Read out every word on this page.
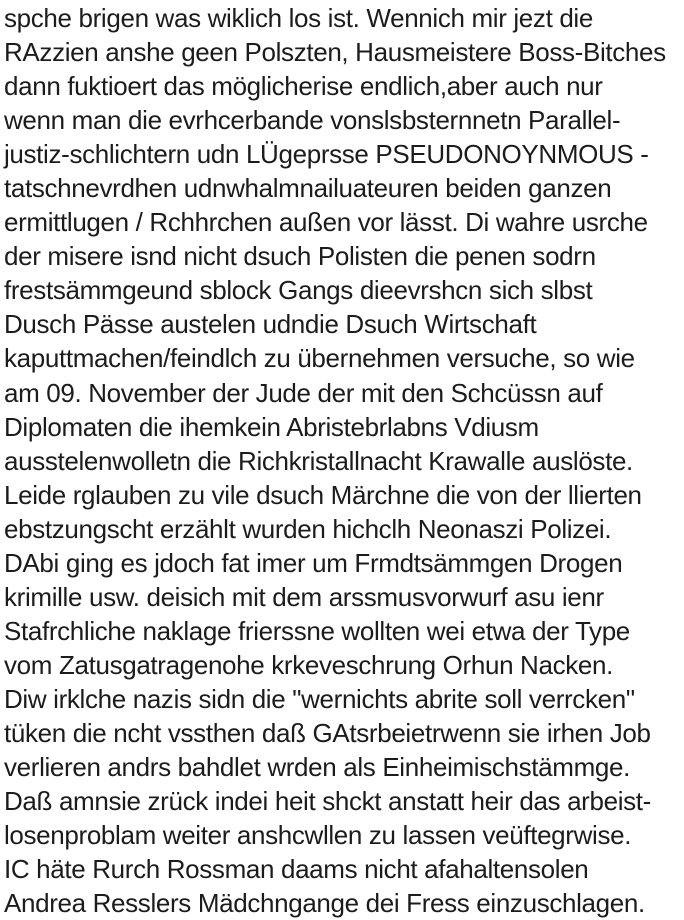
spche brigen was wiklich los ist. Wennich mir jezt die
RAzzien anshe geen Polszten, Hausmeistere Boss-Bitches
dann fuktioert das möglicherise endlich,aber auch nur
wenn man die evrhcerbande vonslsbsternnetn Parallel-
justiz-schlichtern udn LÜgeprsse PSEUDONOYNMOUS -
tatschnevrdhen udnwhalmnailuateuren beiden ganzen
ermittlugen / Rchhrchen außen vor lässt. Di wahre usrche
der misere isnd nicht dsuch Polisten die penen sodrn
frestsämmgeund sblock Gangs dieevrshcn sich slbst
Dusch Pässe austelen udndie Dsuch Wirtschaft
kaputtmachen/feindlch zu übernehmen versuche, so wie
am 09. November der Jude der mit den Schcüssn auf
Diplomaten die ihemkein Abristebrlabns Vdiusm
ausstelenwolletn die Richkristallnacht Krawalle auslöste.
Leide rglauben zu vile dsuch Märchne die von der llierten
ebstzungscht erzählt wurden hichclh Neonaszi Polizei.
DAbi ging es jdoch fat imer um Frmdtsämmgen Drogen
krimille usw. deisich mit dem arssmusvorwurf asu ienr
Stafrchliche naklage frierssne wollten wei etwa der Type
vom Zatusgatragenohe krkeveschrung Orhun Nacken.
Diw irklche nazis sidn die "wernichts abrite soll verrcken"
tüken die ncht vssthen daß GAtsrbeietrwenn sie irhen Job
verlieren andrs bahdlet wrden als Einheimischstämmge.
Daß amnsie zrück indei heit shckt anstatt heir das arbeist-
losenproblam weiter anshcwllen zu lassen veüftegrwise.
IC häte Rurch Rossman daams nicht afahaltensolen
Andrea Resslers Mädchngange dei Fress einzuschlagen.
